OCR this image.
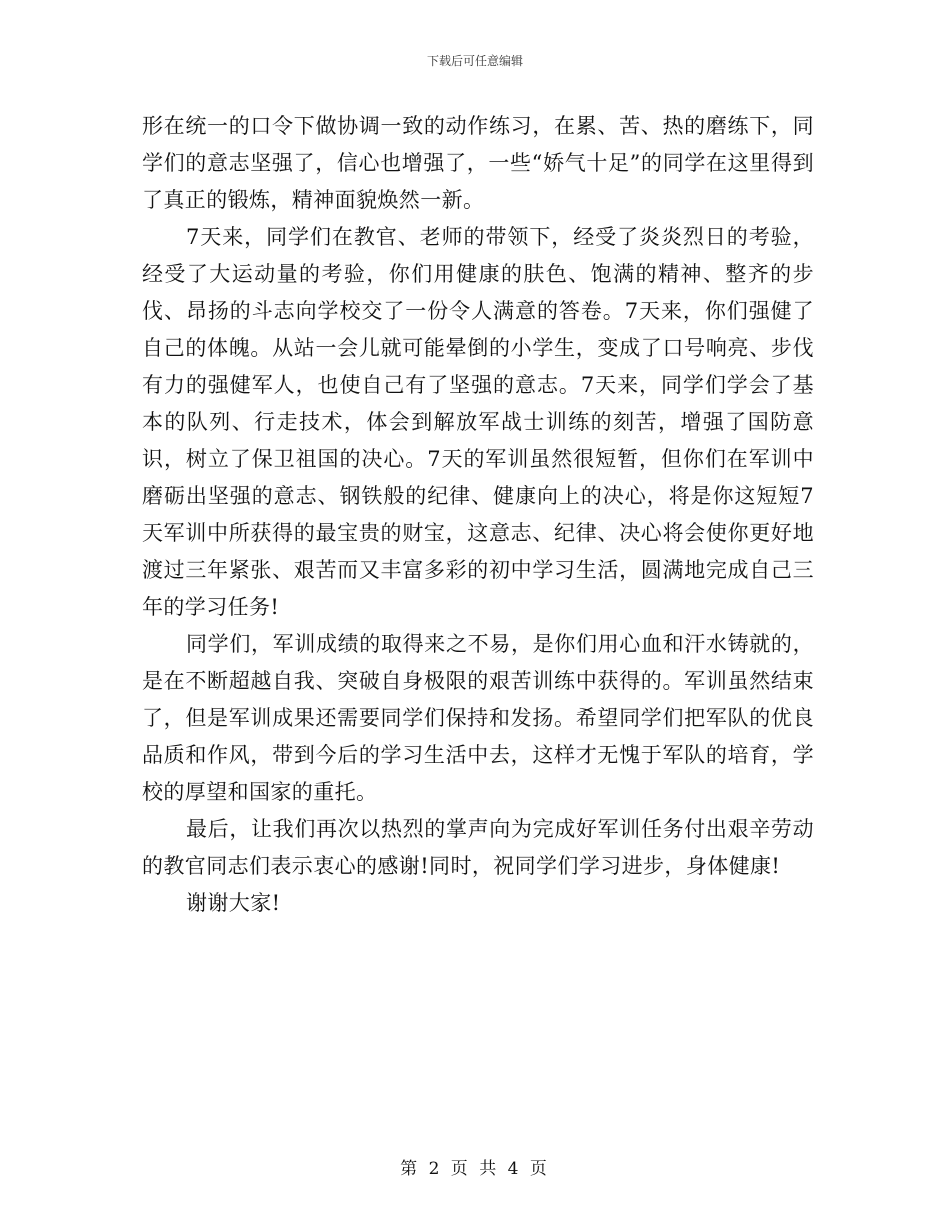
下载后可任意编辑

形在统一的口令下做协调一致的动作练习，在累、苦、热的磨练下，同学们的意志坚强了，信心也增强了，一些“娇气十足”的同学在这里得到了真正的锻炼，精神面貌焕然一新。

7天来，同学们在教官、老师的带领下，经受了炎炎烈日的考验，经受了大运动量的考验，你们用健康的肤色、饱满的精神、整齐的步伐、昂扬的斗志向学校交了一份令人满意的答卷。7天来，你们强健了自己的体魄。从站一会儿就可能晕倒的小学生，变成了口号响亮、步伐有力的强健军人，也使自己有了坚强的意志。7天来，同学们学会了基本的队列、行走技术，体会到解放军战士训练的刻苦，增强了国防意识，树立了保卫祖国的决心。7天的军训虽然很短暂，但你们在军训中磨砺出坚强的意志、钢铁般的纪律、健康向上的决心，将是你这短短7天军训中所获得的最宝贵的财宝，这意志、纪律、决心将会使你更好地渡过三年紧张、艰苦而又丰富多彩的初中学习生活，圆满地完成自己三年的学习任务!

同学们，军训成绩的取得来之不易，是你们用心血和汗水铸就的，是在不断超越自我、突破自身极限的艰苦训练中获得的。军训虽然结束了，但是军训成果还需要同学们保持和发扬。希望同学们把军队的优良品质和作风，带到今后的学习生活中去，这样才无愧于军队的培育，学校的厚望和国家的重托。

最后，让我们再次以热烈的掌声向为完成好军训任务付出艰辛劳动的教官同志们表示衷心的感谢!同时，祝同学们学习进步，身体健康!

谢谢大家!

第 2 页 共 4 页
